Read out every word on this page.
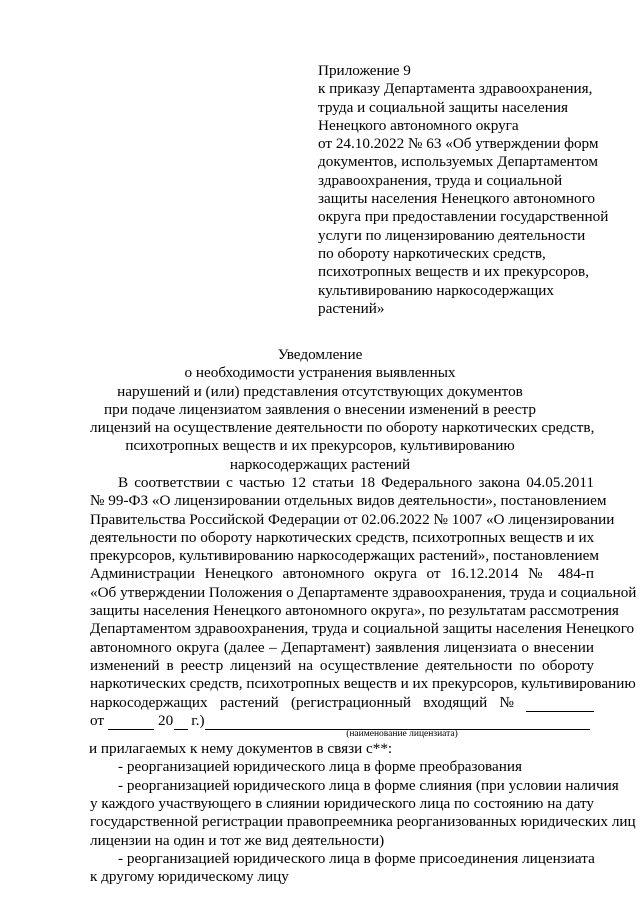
Приложение 9
к приказу Департамента здравоохранения,
труда и социальной защиты населения
Ненецкого автономного округа
от 24.10.2022 № 63 «Об утверждении форм
документов, используемых Департаментом
здравоохранения, труда и социальной
защиты населения Ненецкого автономного
округа при предоставлении государственной
услуги по лицензированию деятельности
по обороту наркотических средств,
психотропных веществ и их прекурсоров,
культивированию наркосодержащих
растений»
Уведомление
о необходимости устранения выявленных
нарушений и (или) представления отсутствующих документов
при подаче лицензиатом заявления о внесении изменений в реестр
лицензий на осуществление деятельности по обороту наркотических средств,
психотропных веществ и их прекурсоров, культивированию
наркосодержащих растений
В соответствии с частью 12 статьи 18 Федерального закона 04.05.2011
№ 99-ФЗ «О лицензировании отдельных видов деятельности», постановлением
Правительства Российской Федерации от 02.06.2022 № 1007 «О лицензировании
деятельности по обороту наркотических средств, психотропных веществ и их
прекурсоров, культивированию наркосодержащих растений», постановлением
Администрации Ненецкого автономного округа от 16.12.2014 № 484-п
«Об утверждении Положения о Департаменте здравоохранения, труда и социальной
защиты населения Ненецкого автономного округа», по результатам рассмотрения
Департаментом здравоохранения, труда и социальной защиты населения Ненецкого
автономного округа (далее – Департамент) заявления лицензиата о внесении
изменений в реестр лицензий на осуществление деятельности по обороту
наркотических средств, психотропных веществ и их прекурсоров, культивированию
наркосодержащих растений (регистрационный входящий №
от	20 г.)
(наименование лицензиата)
и прилагаемых к нему документов в связи с**:
- реорганизацией юридического лица в форме преобразования
- реорганизацией юридического лица в форме слияния (при условии наличия
у каждого участвующего в слиянии юридического лица по состоянию на дату
государственной регистрации правопреемника реорганизованных юридических лиц
лицензии на один и тот же вид деятельности)
- реорганизацией юридического лица в форме присоединения лицензиата
к другому юридическому лицу
